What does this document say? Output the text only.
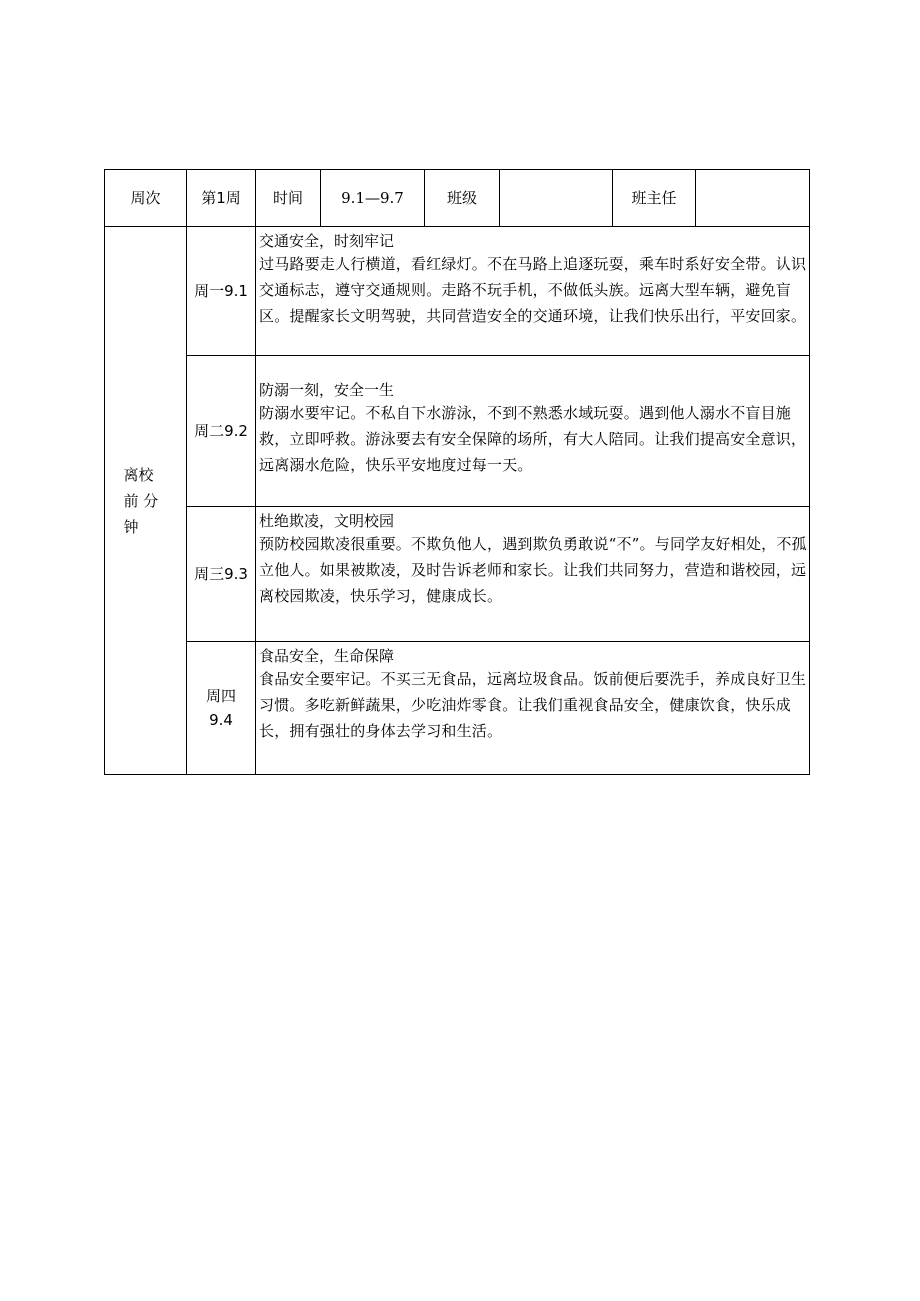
周次	第1周	时间	9.1—9.7	班级		班主任	
离校前 分钟	周一9.1	交通安全，时刻牢记
过马路要走人行横道，看红绿灯。不在马路上追逐玩耍，乘车时系好安全带。认识交通标志，遵守交通规则。走路不玩手机，不做低头族。远离大型车辆，避免盲区。提醒家长文明驾驶，共同营造安全的交通环境，让我们快乐出行，平安回家。					

	周二9.2	防溺一刻，安全一生
防溺水要牢记。不私自下水游泳，不到不熟悉水域玩耍。遇到他人溺水不盲目施救，立即呼救。游泳要去有安全保障的场所，有大人陪同。让我们提高安全意识，远离溺水危险，快乐平安地度过每一天。					

	周三9.3	杜绝欺凌，文明校园
预防校园欺凌很重要。不欺负他人，遇到欺负勇敢说“不”。与同学友好相处，不孤立他人。如果被欺凌，及时告诉老师和家长。让我们共同努力，营造和谐校园，远离校园欺凌，快乐学习，健康成长。					

	周四9.4	食品安全，生命保障
食品安全要牢记。不买三无食品，远离垃圾食品。饭前便后要洗手，养成良好卫生习惯。多吃新鲜蔬果，少吃油炸零食。让我们重视食品安全，健康饮食，快乐成长，拥有强壮的身体去学习和生活。					
